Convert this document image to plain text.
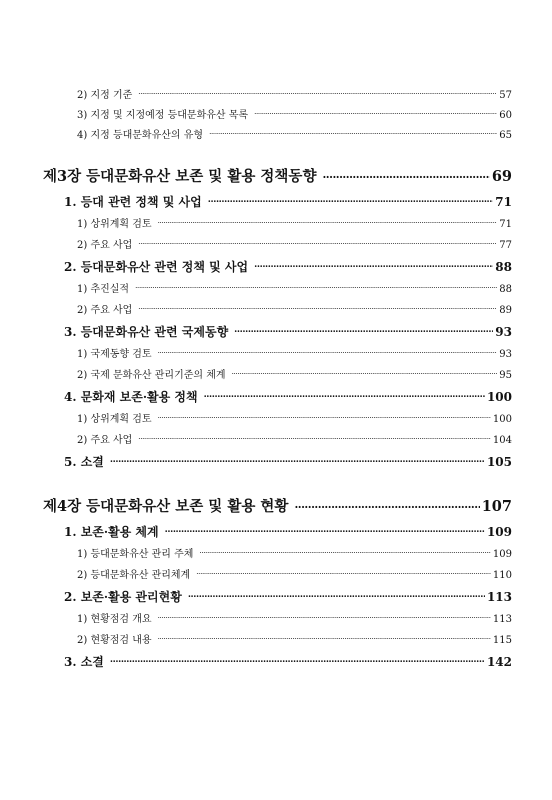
2) 지정 기준 .....	57
3) 지정 및 지정예정 등대문화유산 목록 .....	60
4) 지정 등대문화유산의 유형 .....	65
제3장 등대문화유산 보존 및 활용 정책동향 .....	69
1. 등대 관련 정책 및 사업 .....	71
1) 상위계획 검토 .....	71
2) 주요 사업 .....	77
2. 등대문화유산 관련 정책 및 사업 .....	88
1) 추진실적 .....	88
2) 주요 사업 .....	89
3. 등대문화유산 관련 국제동향 .....	93
1) 국제동향 검토 .....	93
2) 국제 문화유산 관리기준의 체계 .....	95
4. 문화재 보존·활용 정책 .....	100
1) 상위계획 검토 .....	100
2) 주요 사업 .....	104
5. 소결 .....	105
제4장 등대문화유산 보존 및 활용 현황 .....	107
1. 보존·활용 체계 .....	109
1) 등대문화유산 관리 주체 .....	109
2) 등대문화유산 관리체계 .....	110
2. 보존·활용 관리현황 .....	113
1) 현황점검 개요 .....	113
2) 현황점검 내용 .....	115
3. 소결 .....	142
